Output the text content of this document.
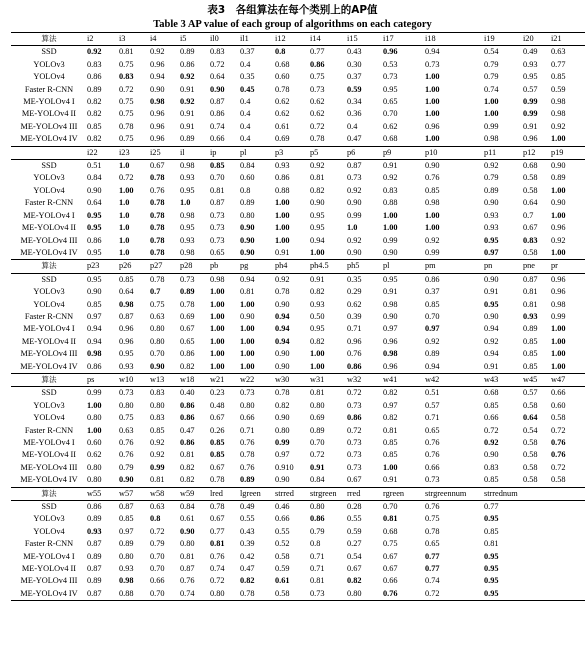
表3　各组算法在每个类别上的AP值
Table 3 AP value of each group of algorithms on each category
算法	i2	i3	i4	i5	il0	il1	i12	i14	i15	i17	i18	i19	i20	i21
SSD	0.92	0.81	0.92	0.89	0.83	0.37	0.8	0.77	0.43	0.96	0.94	0.54	0.49	0.63
YOLOv3	0.83	0.75	0.96	0.86	0.72	0.4	0.68	0.86	0.30	0.53	0.73	0.79	0.93	0.77
YOLOv4	0.86	0.83	0.94	0.92	0.64	0.35	0.60	0.75	0.37	0.73	1.00	0.79	0.95	0.85
Faster R-CNN	0.89	0.72	0.90	0.91	0.90	0.45	0.78	0.73	0.59	0.95	1.00	0.74	0.57	0.59
ME-YOLOv4 I	0.82	0.75	0.98	0.92	0.87	0.4	0.62	0.62	0.34	0.65	1.00	1.00	0.99	0.98
ME-YOLOv4 II	0.82	0.75	0.96	0.91	0.86	0.4	0.62	0.62	0.36	0.70	1.00	1.00	0.99	0.98
ME-YOLOv4 III	0.85	0.78	0.96	0.91	0.74	0.4	0.61	0.72	0.4	0.62	0.96	0.99	0.91	0.92
ME-YOLOv4 IV	0.82	0.75	0.96	0.89	0.66	0.4	0.69	0.78	0.47	0.68	1.00	0.98	0.96	1.00
	i22	i23	i25	il	ip	pl	p3	p5	p6	p9	p10	p11	p12	p19
SSD	0.51	1.0	0.67	0.98	0.85	0.84	0.93	0.92	0.87	0.91	0.90	0.92	0.68	0.90
YOLOv3	0.84	0.72	0.78	0.93	0.70	0.60	0.86	0.81	0.73	0.92	0.76	0.79	0.58	0.89
YOLOv4	0.90	1.00	0.76	0.95	0.81	0.8	0.88	0.82	0.92	0.83	0.85	0.89	0.58	1.00
Faster R-CNN	0.64	1.0	0.78	1.0	0.87	0.89	1.00	0.90	0.90	0.88	0.98	0.90	0.64	0.90
ME-YOLOv4 I	0.95	1.0	0.78	0.98	0.73	0.80	1.00	0.95	0.99	1.00	1.00	0.93	0.7	1.00
ME-YOLOv4 II	0.95	1.0	0.78	0.95	0.73	0.90	1.00	0.95	1.0	1.00	1.00	0.93	0.67	0.96
ME-YOLOv4 III	0.86	1.0	0.78	0.93	0.73	0.90	1.00	0.94	0.92	0.99	0.92	0.95	0.83	0.92
ME-YOLOv4 IV	0.95	1.0	0.78	0.98	0.65	0.90	0.91	1.00	0.90	0.90	0.99	0.97	0.58	1.00
算法	p23	p26	p27	p28	pb	pg	ph4	ph4.5	ph5	pl	pm	pn	pne	pr
SSD	0.95	0.85	0.78	0.73	0.98	0.94	0.92	0.91	0.35	0.95	0.86	0.90	0.87	0.96
YOLOv3	0.90	0.64	0.7	0.89	1.00	0.81	0.78	0.82	0.29	0.91	0.37	0.91	0.81	0.96
YOLOv4	0.85	0.98	0.75	0.78	1.00	1.00	0.90	0.93	0.62	0.98	0.85	0.95	0.81	0.98
Faster R-CNN	0.97	0.87	0.63	0.69	1.00	0.90	0.94	0.50	0.39	0.90	0.70	0.90	0.93	0.99
ME-YOLOv4 I	0.94	0.96	0.80	0.67	1.00	1.00	0.94	0.95	0.71	0.97	0.97	0.94	0.89	1.00
ME-YOLOv4 II	0.94	0.96	0.80	0.65	1.00	1.00	0.94	0.82	0.96	0.96	0.92	0.92	0.85	1.00
ME-YOLOv4 III	0.98	0.95	0.70	0.86	1.00	1.00	0.90	1.00	0.76	0.98	0.89	0.94	0.85	1.00
ME-YOLOv4 IV	0.86	0.93	0.90	0.82	1.00	1.00	0.90	1.00	0.86	0.96	0.94	0.91	0.85	1.00
算法	ps	w10	w13	w18	w21	w22	w30	w31	w32	w41	w42	w43	w45	w47
SSD	0.99	0.73	0.83	0.40	0.23	0.73	0.78	0.81	0.72	0.82	0.51	0.68	0.57	0.66
YOLOv3	1.00	0.80	0.80	0.86	0.48	0.80	0.82	0.80	0.73	0.97	0.57	0.85	0.58	0.60
YOLOv4	0.80	0.75	0.83	0.86	0.67	0.66	0.90	0.69	0.86	0.82	0.71	0.66	0.64	0.58
Faster R-CNN	1.00	0.63	0.85	0.47	0.26	0.71	0.80	0.89	0.72	0.81	0.65	0.72	0.54	0.72
ME-YOLOv4 I	0.60	0.76	0.92	0.86	0.85	0.76	0.99	0.70	0.73	0.85	0.76	0.92	0.58	0.76
ME-YOLOv4 II	0.62	0.76	0.92	0.81	0.85	0.78	0.97	0.72	0.73	0.85	0.76	0.90	0.58	0.76
ME-YOLOv4 III	0.80	0.79	0.99	0.82	0.67	0.76	0.910	0.91	0.73	1.00	0.66	0.83	0.58	0.72
ME-YOLOv4 IV	0.80	0.90	0.81	0.82	0.78	0.89	0.90	0.84	0.67	0.91	0.73	0.85	0.58	0.58
算法	w55	w57	w58	w59	lred	lgreen	strred	strgreen	rred	rgreen	strgreennum	strrednum		
SSD	0.86	0.87	0.63	0.84	0.78	0.49	0.46	0.80	0.28	0.70	0.76	0.77		
YOLOv3	0.89	0.85	0.8	0.61	0.67	0.55	0.66	0.86	0.55	0.81	0.75	0.95		
YOLOv4	0.93	0.97	0.72	0.90	0.77	0.43	0.55	0.79	0.59	0.68	0.78	0.85		
Faster R-CNN	0.87	0.89	0.79	0.80	0.81	0.39	0.52	0.8	0.27	0.75	0.65	0.81		
ME-YOLOv4 I	0.89	0.80	0.70	0.81	0.76	0.42	0.58	0.71	0.54	0.67	0.77	0.95		
ME-YOLOv4 II	0.87	0.93	0.70	0.87	0.74	0.47	0.59	0.71	0.67	0.67	0.77	0.95		
ME-YOLOv4 III	0.89	0.98	0.66	0.76	0.72	0.82	0.61	0.81	0.82	0.66	0.74	0.95		
ME-YOLOv4 IV	0.87	0.88	0.70	0.74	0.80	0.78	0.58	0.73	0.80	0.76	0.72	0.95		
